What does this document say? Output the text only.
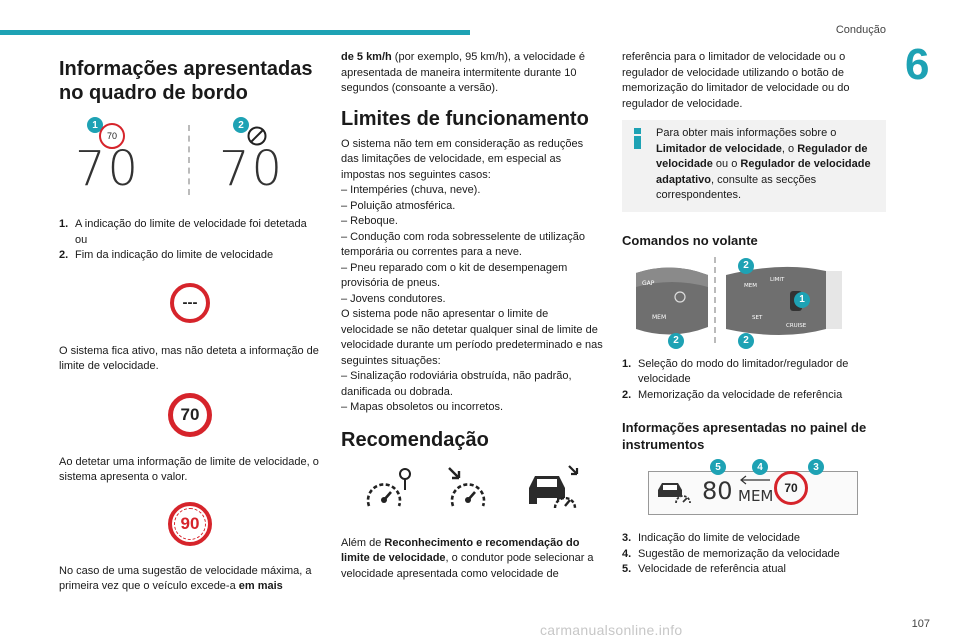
Condução
6
Informações apresentadas no quadro de bordo
1
70
70
2
70
1. A indicação do limite de velocidade foi detetada ou
2. Fim da indicação do limite de velocidade
---

O sistema fica ativo, mas não deteta a informação de limite de velocidade.

70

Ao detetar uma informação de limite de velocidade, o sistema apresenta o valor.

90

No caso de uma sugestão de velocidade máxima, a primeira vez que o veículo excede-a em mais

de 5 km/h (por exemplo, 95 km/h), a velocidade é apresentada de maneira intermitente durante 10 segundos (consoante a versão).

Limites de funcionamento

O sistema não tem em consideração as reduções das limitações de velocidade, em especial as impostas nos seguintes casos:

– Intempéries (chuva, neve).

– Poluição atmosférica.

– Reboque.

– Condução com roda sobresselente de utilização temporária ou correntes para a neve.

– Pneu reparado com o kit de desempenagem provisória de pneus.

– Jovens condutores.

O sistema pode não apresentar o limite de velocidade se não detetar qualquer sinal de limite de velocidade durante um período predeterminado e nas seguintes situações:

– Sinalização rodoviária obstruída, não padrão, danificada ou dobrada.

– Mapas obsoletos ou incorretos.

Recomendação

Além de Reconhecimento e recomendação do limite de velocidade, o condutor pode selecionar a velocidade apresentada como velocidade de

referência para o limitador de velocidade ou o regulador de velocidade utilizando o botão de memorização do limitador de velocidade ou do regulador de velocidade.

Para obter mais informações sobre o Limitador de velocidade, o Regulador de velocidade ou o Regulador de velocidade adaptativo, consulte as secções correspondentes.
Comandos no volante
GAP
MEM
LIMIT
MEM
SET
CRUISE
2
1
2	2
1. Seleção do modo do limitador/regulador de velocidade
2. Memorização da velocidade de referência
Informações apresentadas no painel de instrumentos
80 MEM 70
5	4	3
3. Indicação do limite de velocidade
4. Sugestão de memorização da velocidade
5. Velocidade de referência atual
carmanualsonline.info	107
